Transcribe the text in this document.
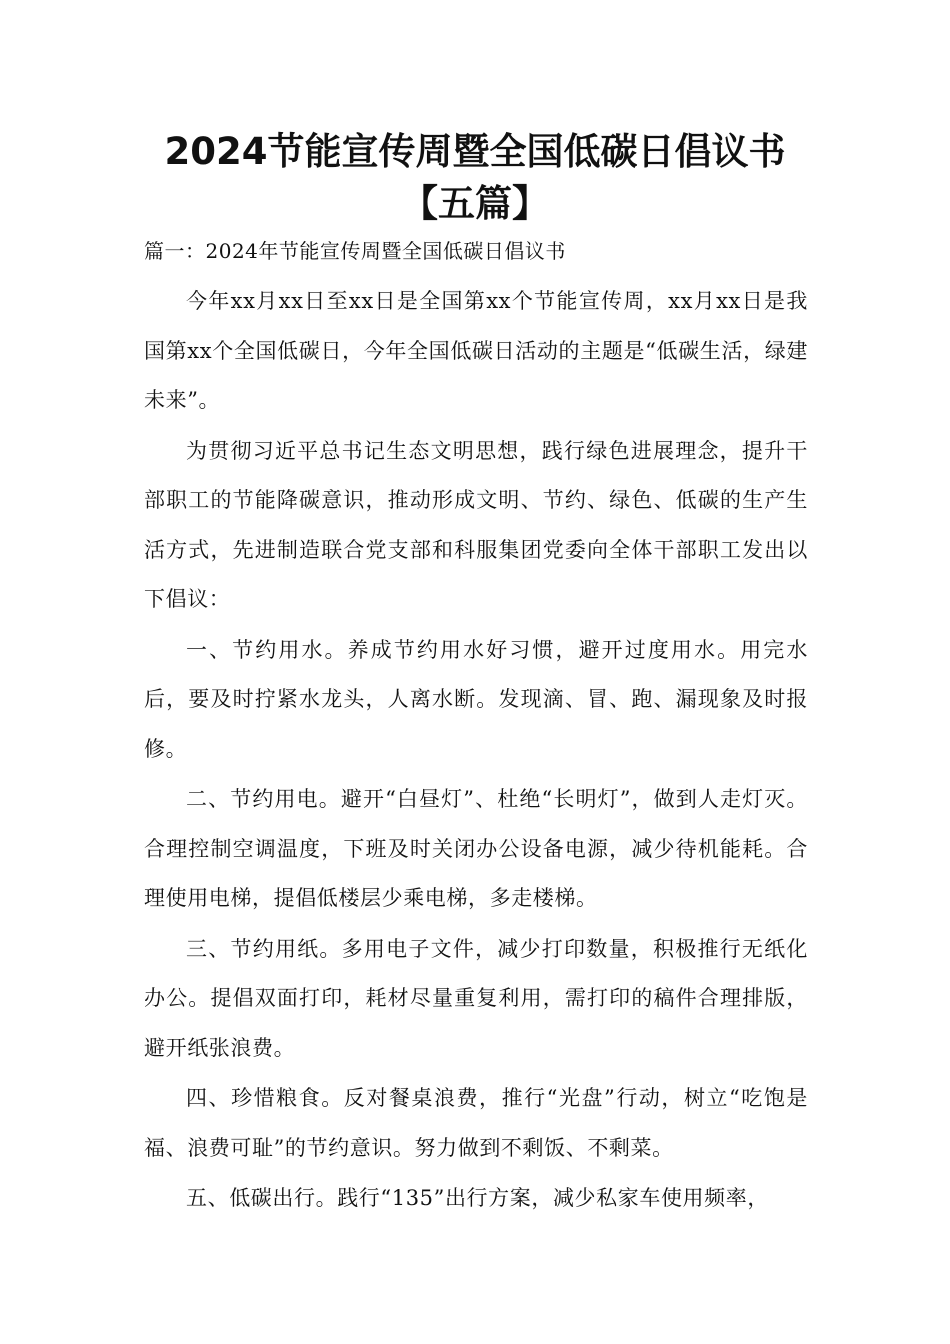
2024节能宣传周暨全国低碳日倡议书
【五篇】

篇一：2024年节能宣传周暨全国低碳日倡议书

今年xx月xx日至xx日是全国第xx个节能宣传周，xx月xx日是我国第xx个全国低碳日，今年全国低碳日活动的主题是“低碳生活，绿建未来”。

为贯彻习近平总书记生态文明思想，践行绿色进展理念，提升干部职工的节能降碳意识，推动形成文明、节约、绿色、低碳的生产生活方式，先进制造联合党支部和科服集团党委向全体干部职工发出以下倡议：

一、节约用水。养成节约用水好习惯，避开过度用水。用完水后，要及时拧紧水龙头，人离水断。发现滴、冒、跑、漏现象及时报修。

二、节约用电。避开“白昼灯”、杜绝“长明灯”，做到人走灯灭。合理控制空调温度，下班及时关闭办公设备电源，减少待机能耗。合理使用电梯，提倡低楼层少乘电梯，多走楼梯。

三、节约用纸。多用电子文件，减少打印数量，积极推行无纸化办公。提倡双面打印，耗材尽量重复利用，需打印的稿件合理排版，避开纸张浪费。

四、珍惜粮食。反对餐桌浪费，推行“光盘”行动，树立“吃饱是福、浪费可耻”的节约意识。努力做到不剩饭、不剩菜。

五、低碳出行。践行“135”出行方案，减少私家车使用频率，
